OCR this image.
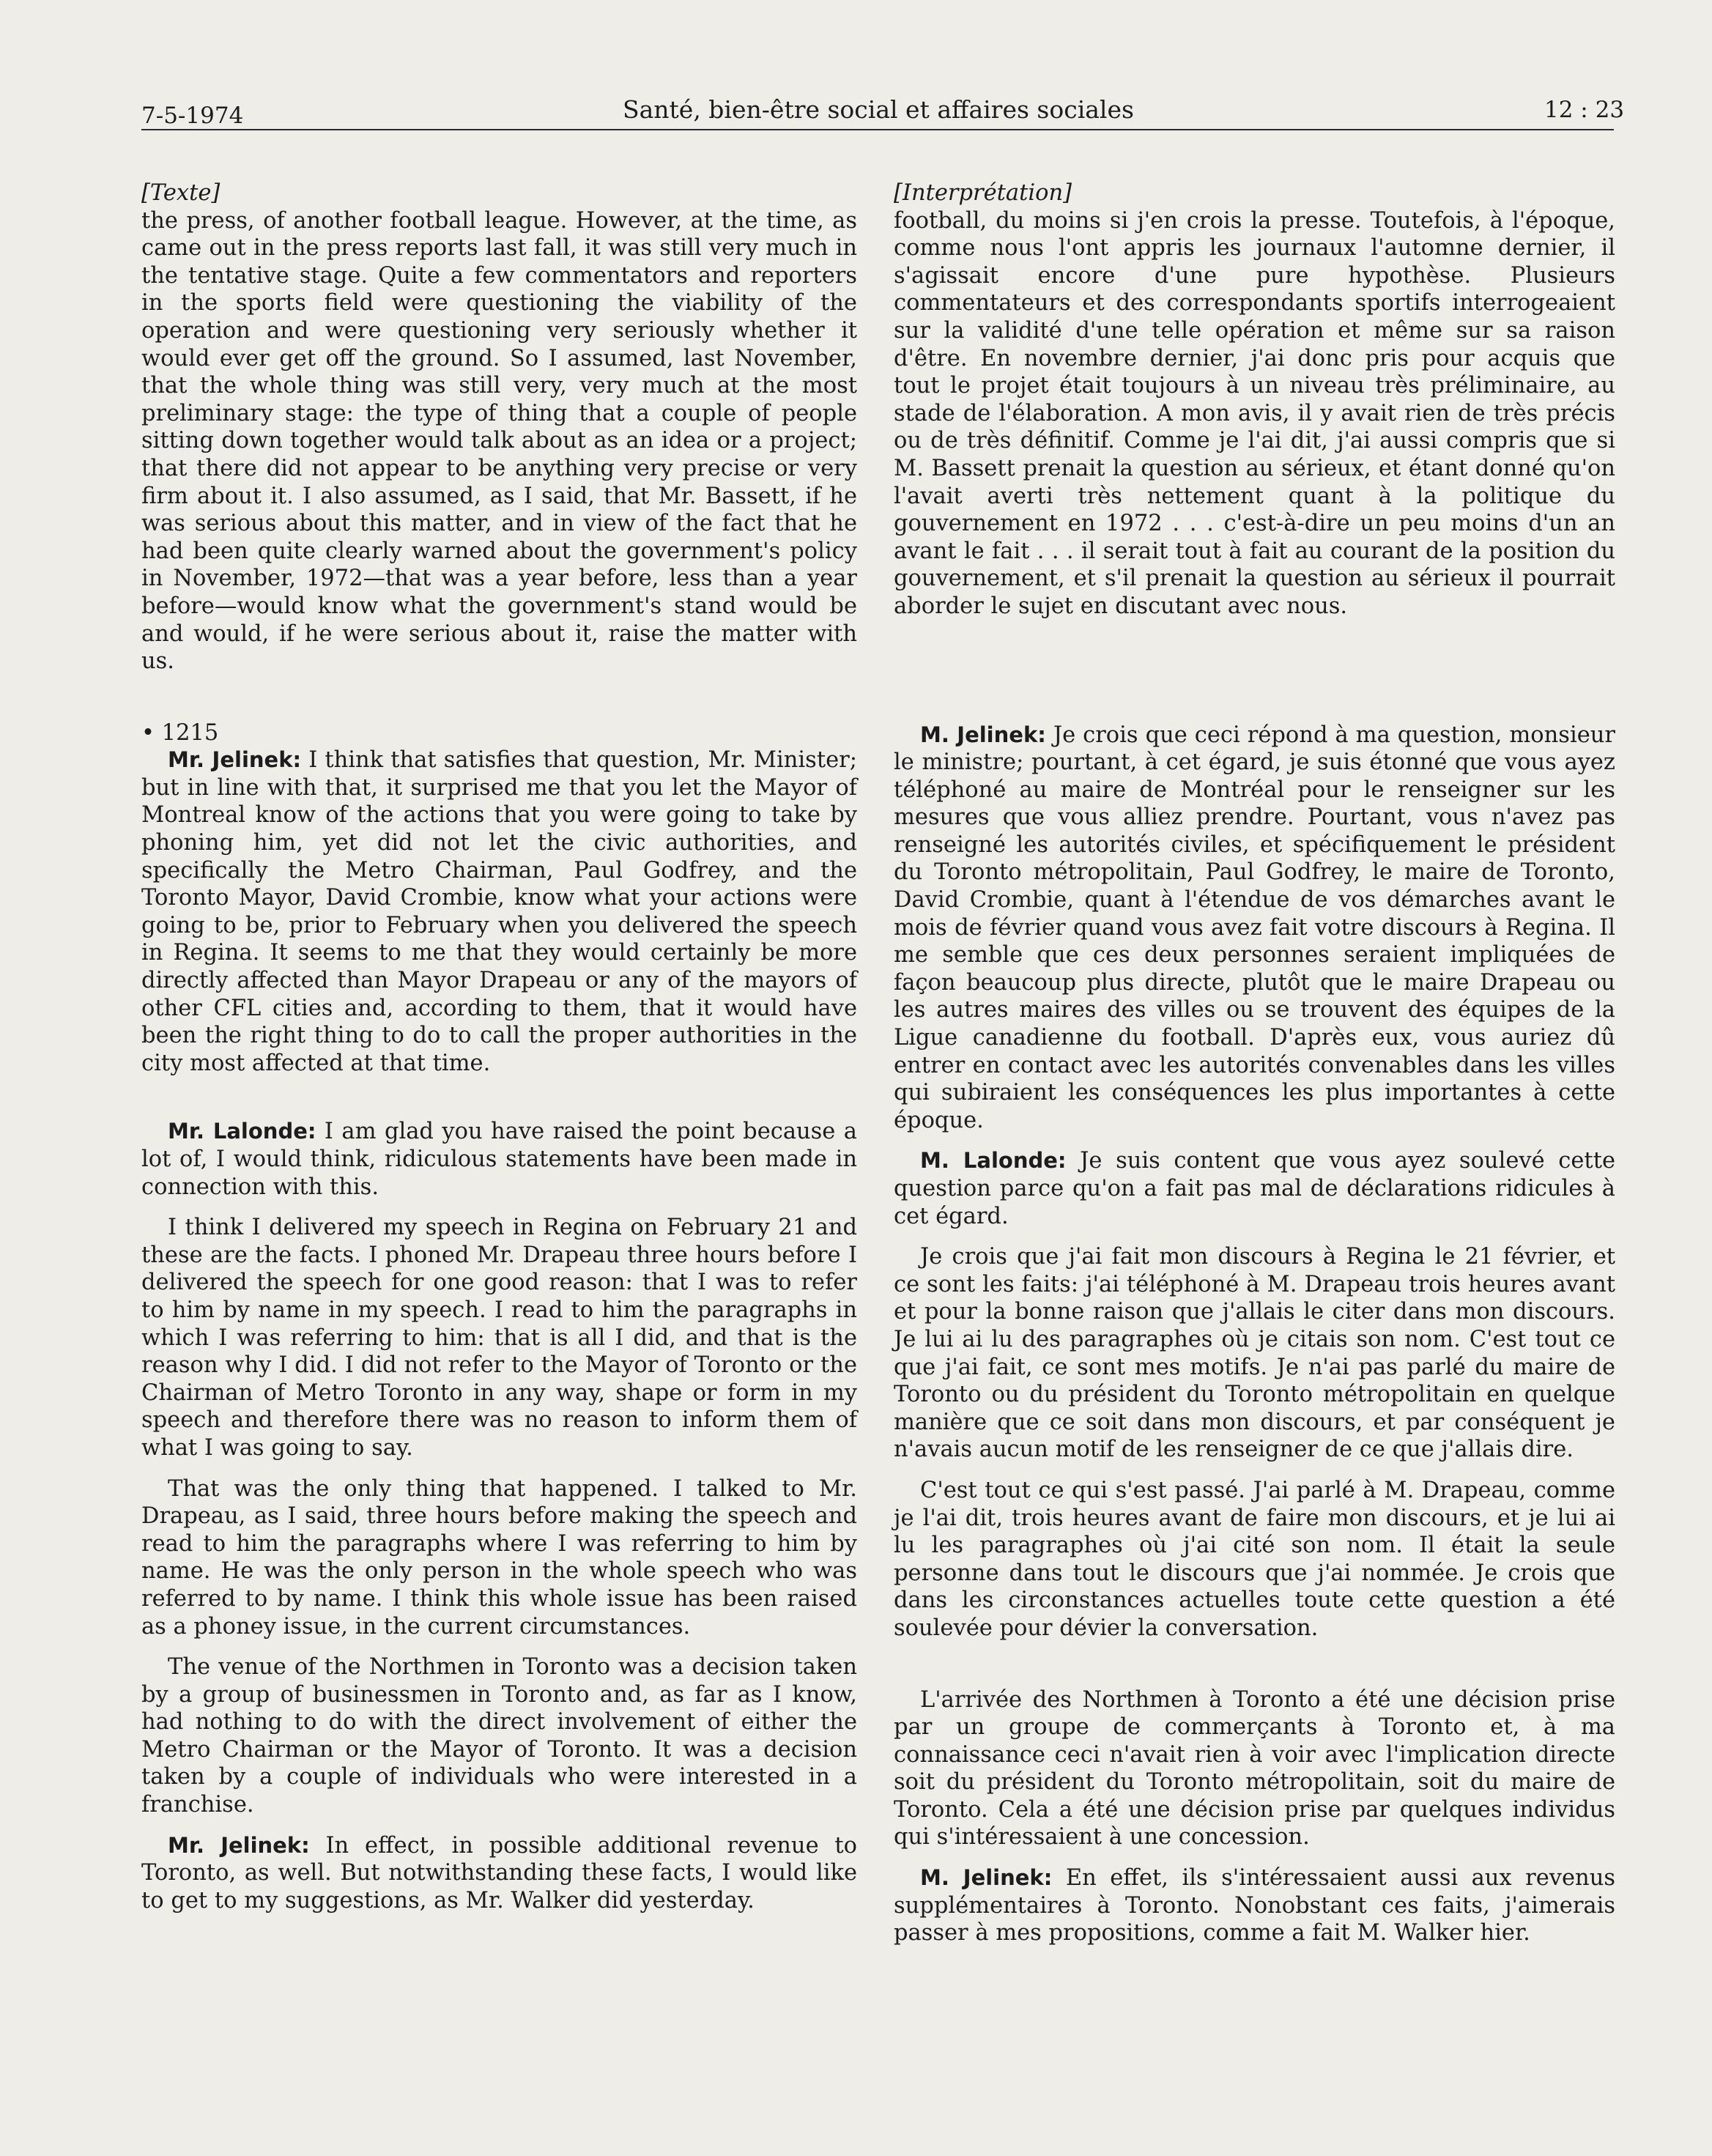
7-5-1974	Santé, bien-être social et affaires sociales	12 : 23

[Texte]

the press, of another football league. However, at the time, as came out in the press reports last fall, it was still very much in the tentative stage. Quite a few commentators and reporters in the sports field were questioning the viability of the operation and were questioning very seriously whether it would ever get off the ground. So I assumed, last November, that the whole thing was still very, very much at the most preliminary stage: the type of thing that a couple of people sitting down together would talk about as an idea or a project; that there did not appear to be anything very precise or very firm about it. I also assumed, as I said, that Mr. Bassett, if he was serious about this matter, and in view of the fact that he had been quite clearly warned about the government's policy in November, 1972—that was a year before, less than a year before—would know what the government's stand would be and would, if he were serious about it, raise the matter with us.

• 1215

Mr. Jelinek: I think that satisfies that question, Mr. Minister; but in line with that, it surprised me that you let the Mayor of Montreal know of the actions that you were going to take by phoning him, yet did not let the civic authorities, and specifically the Metro Chairman, Paul Godfrey, and the Toronto Mayor, David Crombie, know what your actions were going to be, prior to February when you delivered the speech in Regina. It seems to me that they would certainly be more directly affected than Mayor Drapeau or any of the mayors of other CFL cities and, according to them, that it would have been the right thing to do to call the proper authorities in the city most affected at that time.

Mr. Lalonde: I am glad you have raised the point because a lot of, I would think, ridiculous statements have been made in connection with this.

I think I delivered my speech in Regina on February 21 and these are the facts. I phoned Mr. Drapeau three hours before I delivered the speech for one good reason: that I was to refer to him by name in my speech. I read to him the paragraphs in which I was referring to him: that is all I did, and that is the reason why I did. I did not refer to the Mayor of Toronto or the Chairman of Metro Toronto in any way, shape or form in my speech and therefore there was no reason to inform them of what I was going to say.

That was the only thing that happened. I talked to Mr. Drapeau, as I said, three hours before making the speech and read to him the paragraphs where I was referring to him by name. He was the only person in the whole speech who was referred to by name. I think this whole issue has been raised as a phoney issue, in the current circumstances.

The venue of the Northmen in Toronto was a decision taken by a group of businessmen in Toronto and, as far as I know, had nothing to do with the direct involvement of either the Metro Chairman or the Mayor of Toronto. It was a decision taken by a couple of individuals who were interested in a franchise.

Mr. Jelinek: In effect, in possible additional revenue to Toronto, as well. But notwithstanding these facts, I would like to get to my suggestions, as Mr. Walker did yesterday.

[Interprétation]

football, du moins si j'en crois la presse. Toutefois, à l'époque, comme nous l'ont appris les journaux l'automne dernier, il s'agissait encore d'une pure hypothèse. Plusieurs commentateurs et des correspondants sportifs interrogeaient sur la validité d'une telle opération et même sur sa raison d'être. En novembre dernier, j'ai donc pris pour acquis que tout le projet était toujours à un niveau très préliminaire, au stade de l'élaboration. A mon avis, il y avait rien de très précis ou de très définitif. Comme je l'ai dit, j'ai aussi compris que si M. Bassett prenait la question au sérieux, et étant donné qu'on l'avait averti très nettement quant à la politique du gouvernement en 1972 . . . c'est-à-dire un peu moins d'un an avant le fait . . . il serait tout à fait au courant de la position du gouvernement, et s'il prenait la question au sérieux il pourrait aborder le sujet en discutant avec nous.

M. Jelinek: Je crois que ceci répond à ma question, monsieur le ministre; pourtant, à cet égard, je suis étonné que vous ayez téléphoné au maire de Montréal pour le renseigner sur les mesures que vous alliez prendre. Pourtant, vous n'avez pas renseigné les autorités civiles, et spécifiquement le président du Toronto métropolitain, Paul Godfrey, le maire de Toronto, David Crombie, quant à l'étendue de vos démarches avant le mois de février quand vous avez fait votre discours à Regina. Il me semble que ces deux personnes seraient impliquées de façon beaucoup plus directe, plutôt que le maire Drapeau ou les autres maires des villes ou se trouvent des équipes de la Ligue canadienne du football. D'après eux, vous auriez dû entrer en contact avec les autorités convenables dans les villes qui subiraient les conséquences les plus importantes à cette époque.

M. Lalonde: Je suis content que vous ayez soulevé cette question parce qu'on a fait pas mal de déclarations ridicules à cet égard.

Je crois que j'ai fait mon discours à Regina le 21 février, et ce sont les faits: j'ai téléphoné à M. Drapeau trois heures avant et pour la bonne raison que j'allais le citer dans mon discours. Je lui ai lu des paragraphes où je citais son nom. C'est tout ce que j'ai fait, ce sont mes motifs. Je n'ai pas parlé du maire de Toronto ou du président du Toronto métropolitain en quelque manière que ce soit dans mon discours, et par conséquent je n'avais aucun motif de les renseigner de ce que j'allais dire.

C'est tout ce qui s'est passé. J'ai parlé à M. Drapeau, comme je l'ai dit, trois heures avant de faire mon discours, et je lui ai lu les paragraphes où j'ai cité son nom. Il était la seule personne dans tout le discours que j'ai nommée. Je crois que dans les circonstances actuelles toute cette question a été soulevée pour dévier la conversation.

L'arrivée des Northmen à Toronto a été une décision prise par un groupe de commerçants à Toronto et, à ma connaissance ceci n'avait rien à voir avec l'implication directe soit du président du Toronto métropolitain, soit du maire de Toronto. Cela a été une décision prise par quelques individus qui s'intéressaient à une concession.

M. Jelinek: En effet, ils s'intéressaient aussi aux revenus supplémentaires à Toronto. Nonobstant ces faits, j'aimerais passer à mes propositions, comme a fait M. Walker hier.
